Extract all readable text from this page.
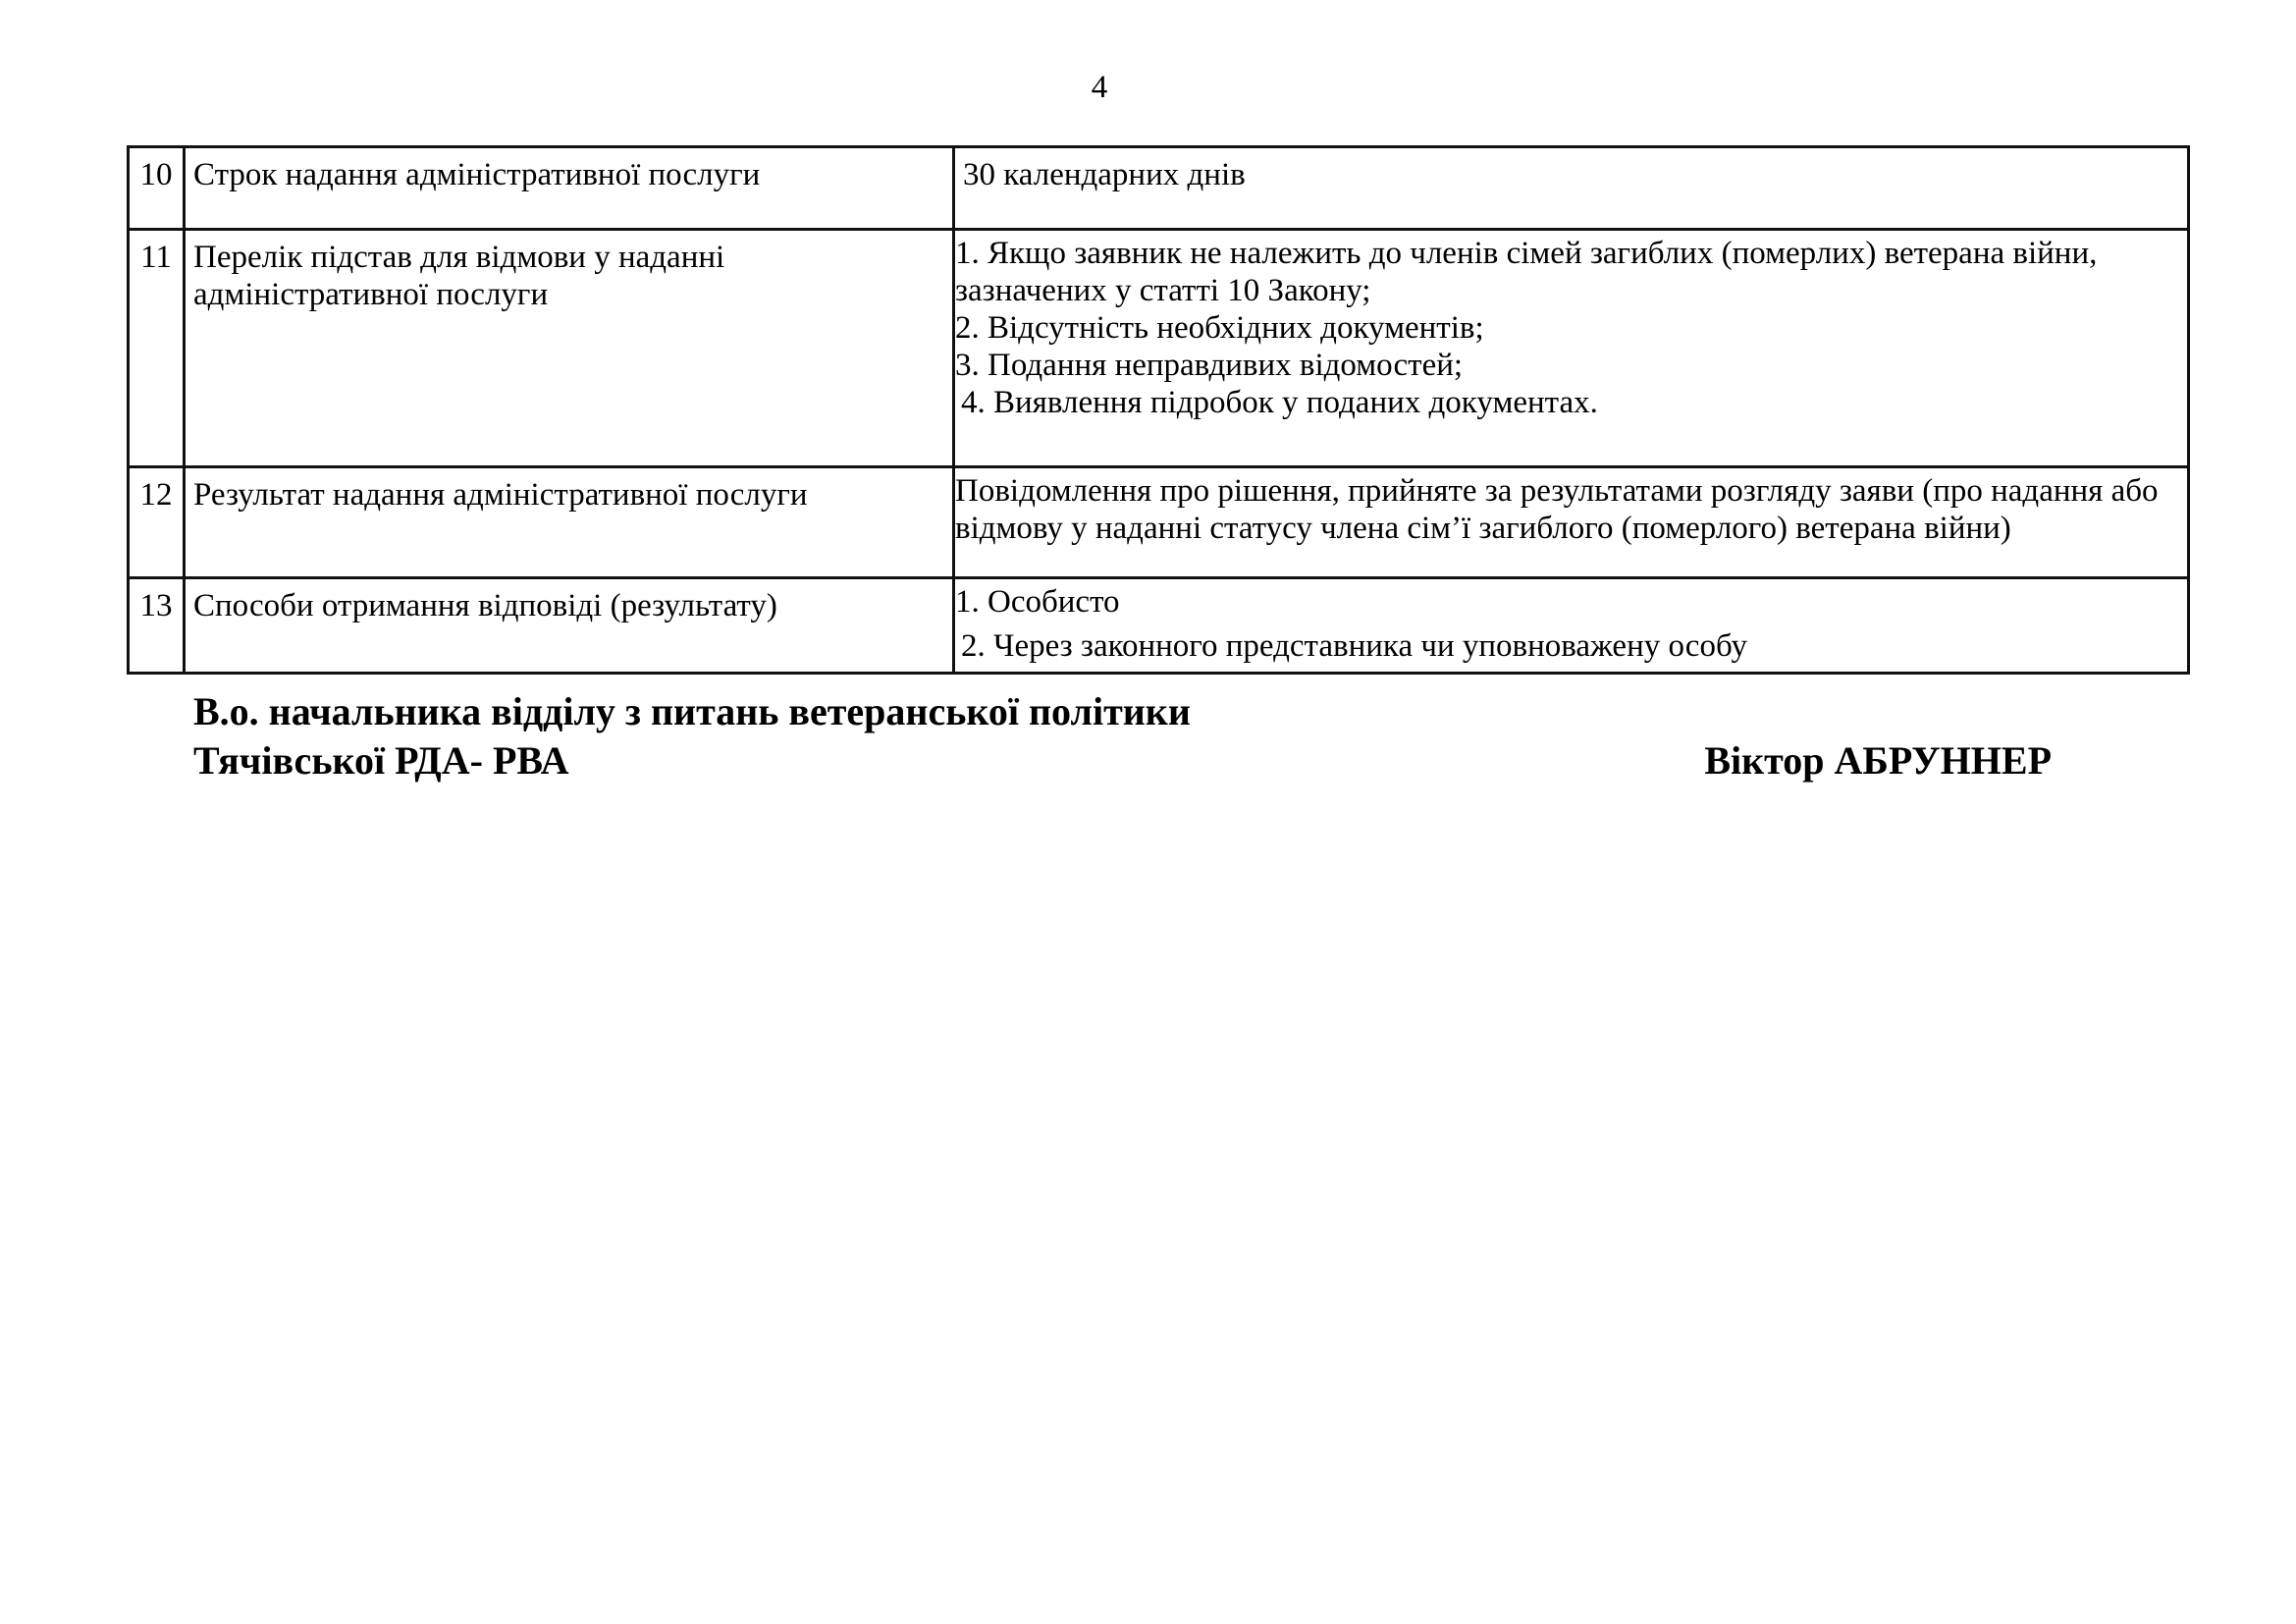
4
10	Строк надання адміністративної послуги	30 календарних днів

11	Перелік підстав для відмови у наданні адміністративної послуги	1. Якщо заявник не належить до членів сімей загиблих (померлих) ветерана війни,
зазначених у статті 10 Закону;
2. Відсутність необхідних документів;
3. Подання неправдивих відомостей;
4. Виявлення підробок у поданих документах.

12	Результат надання адміністративної послуги	Повідомлення про рішення, прийняте за результатами розгляду заяви (про надання або
відмову у наданні статусу члена сім’ї загиблого (померлого) ветерана війни)

13	Способи отримання відповіді (результату)	1. Особисто
2. Через законного представника чи уповноважену особу
В.о. начальника відділу з питань ветеранської політики
Тячівської РДА- РВА	Віктор АБРУННЕР
